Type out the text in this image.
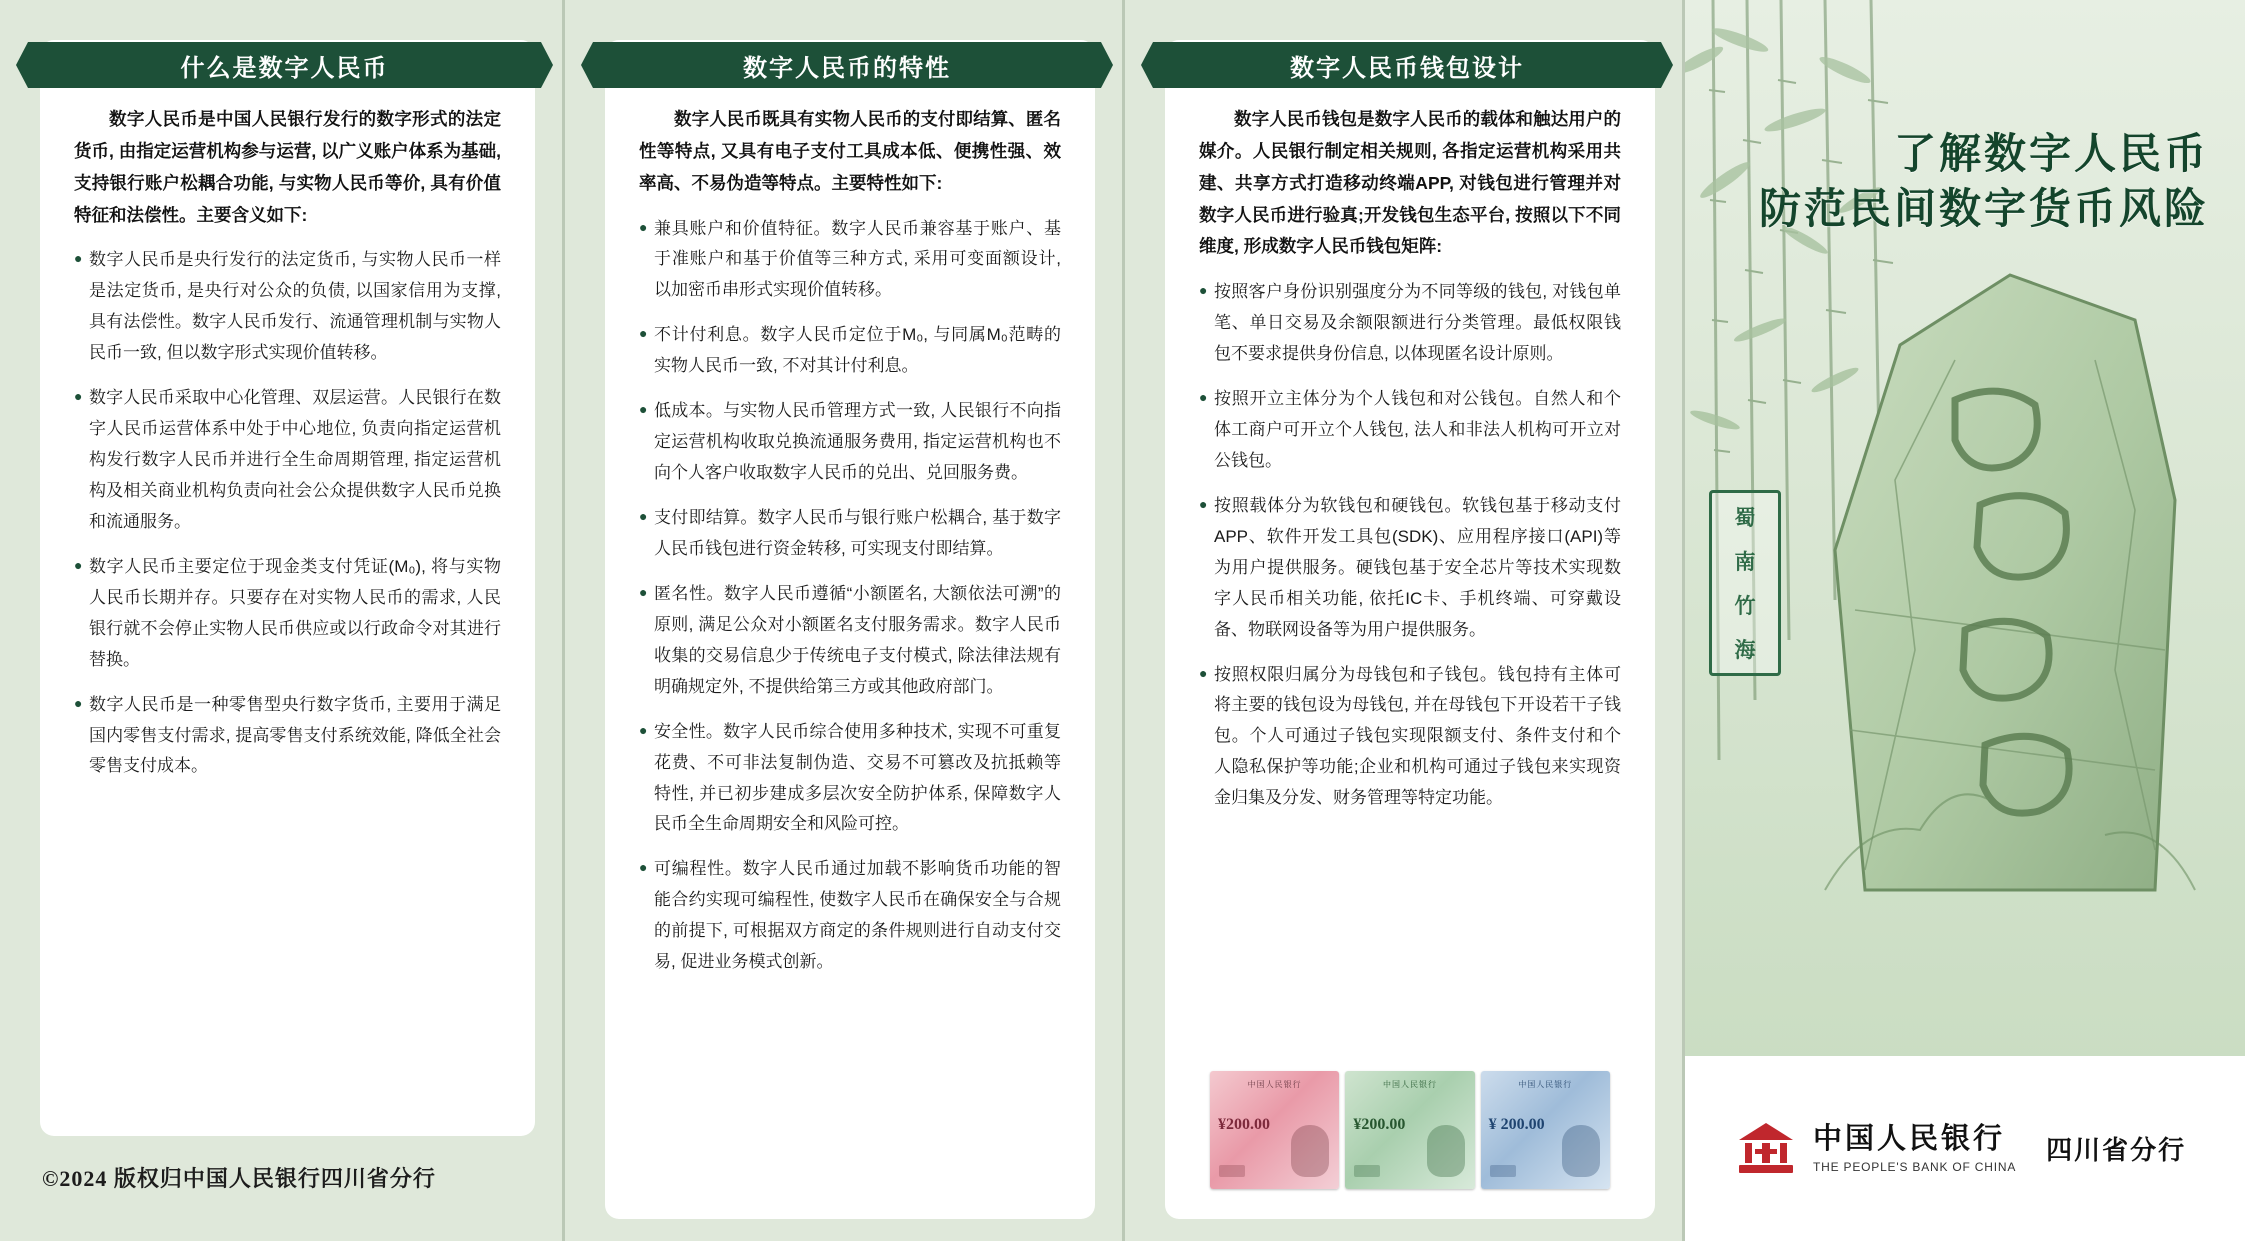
数字人民币是中国人民银行发行的数字形式的法定货币, 由指定运营机构参与运营, 以广义账户体系为基础, 支持银行账户松耦合功能, 与实物人民币等价, 具有价值特征和法偿性。主要含义如下:
● 数字人民币是央行发行的法定货币, 与实物人民币一样是法定货币, 是央行对公众的负债, 以国家信用为支撑, 具有法偿性。数字人民币发行、流通管理机制与实物人民币一致, 但以数字形式实现价值转移。
● 数字人民币采取中心化管理、双层运营。人民银行在数字人民币运营体系中处于中心地位, 负责向指定运营机构发行数字人民币并进行全生命周期管理, 指定运营机构及相关商业机构负责向社会公众提供数字人民币兑换和流通服务。
● 数字人民币主要定位于现金类支付凭证(M₀), 将与实物人民币长期并存。只要存在对实物人民币的需求, 人民银行就不会停止实物人民币供应或以行政命令对其进行替换。
● 数字人民币是一种零售型央行数字货币, 主要用于满足国内零售支付需求, 提高零售支付系统效能, 降低全社会零售支付成本。
什么是数字人民币
©2024 版权归中国人民银行四川省分行
数字人民币既具有实物人民币的支付即结算、匿名性等特点, 又具有电子支付工具成本低、便携性强、效率高、不易伪造等特点。主要特性如下:
● 兼具账户和价值特征。数字人民币兼容基于账户、基于准账户和基于价值等三种方式, 采用可变面额设计, 以加密币串形式实现价值转移。
● 不计付利息。数字人民币定位于M₀, 与同属M₀范畴的实物人民币一致, 不对其计付利息。
● 低成本。与实物人民币管理方式一致, 人民银行不向指定运营机构收取兑换流通服务费用, 指定运营机构也不向个人客户收取数字人民币的兑出、兑回服务费。
● 支付即结算。数字人民币与银行账户松耦合, 基于数字人民币钱包进行资金转移, 可实现支付即结算。
● 匿名性。数字人民币遵循“小额匿名, 大额依法可溯”的原则, 满足公众对小额匿名支付服务需求。数字人民币收集的交易信息少于传统电子支付模式, 除法律法规有明确规定外, 不提供给第三方或其他政府部门。
● 安全性。数字人民币综合使用多种技术, 实现不可重复花费、不可非法复制伪造、交易不可篡改及抗抵赖等特性, 并已初步建成多层次安全防护体系, 保障数字人民币全生命周期安全和风险可控。
● 可编程性。数字人民币通过加载不影响货币功能的智能合约实现可编程性, 使数字人民币在确保安全与合规的前提下, 可根据双方商定的条件规则进行自动支付交易, 促进业务模式创新。
数字人民币的特性
数字人民币钱包是数字人民币的载体和触达用户的媒介。人民银行制定相关规则, 各指定运营机构采用共建、共享方式打造移动终端APP, 对钱包进行管理并对数字人民币进行验真;开发钱包生态平台, 按照以下不同维度, 形成数字人民币钱包矩阵:
● 按照客户身份识别强度分为不同等级的钱包, 对钱包单笔、单日交易及余额限额进行分类管理。最低权限钱包不要求提供身份信息, 以体现匿名设计原则。
● 按照开立主体分为个人钱包和对公钱包。自然人和个体工商户可开立个人钱包, 法人和非法人机构可开立对公钱包。
● 按照载体分为软钱包和硬钱包。软钱包基于移动支付APP、软件开发工具包(SDK)、应用程序接口(API)等为用户提供服务。硬钱包基于安全芯片等技术实现数字人民币相关功能, 依托IC卡、手机终端、可穿戴设备、物联网设备等为用户提供服务。
● 按照权限归属分为母钱包和子钱包。钱包持有主体可将主要的钱包设为母钱包, 并在母钱包下开设若干子钱包。个人可通过子钱包实现限额支付、条件支付和个人隐私保护等功能;企业和机构可通过子钱包来实现资金归集及分发、财务管理等特定功能。
中国人民银行
¥200.00
中国人民银行
¥200.00
中国人民银行
¥ 200.00
数字人民币钱包设计
了解数字人民币
防范民间数字货币风险
蜀
南
竹
海
中国人民银行
THE PEOPLE'S BANK OF CHINA
四川省分行
